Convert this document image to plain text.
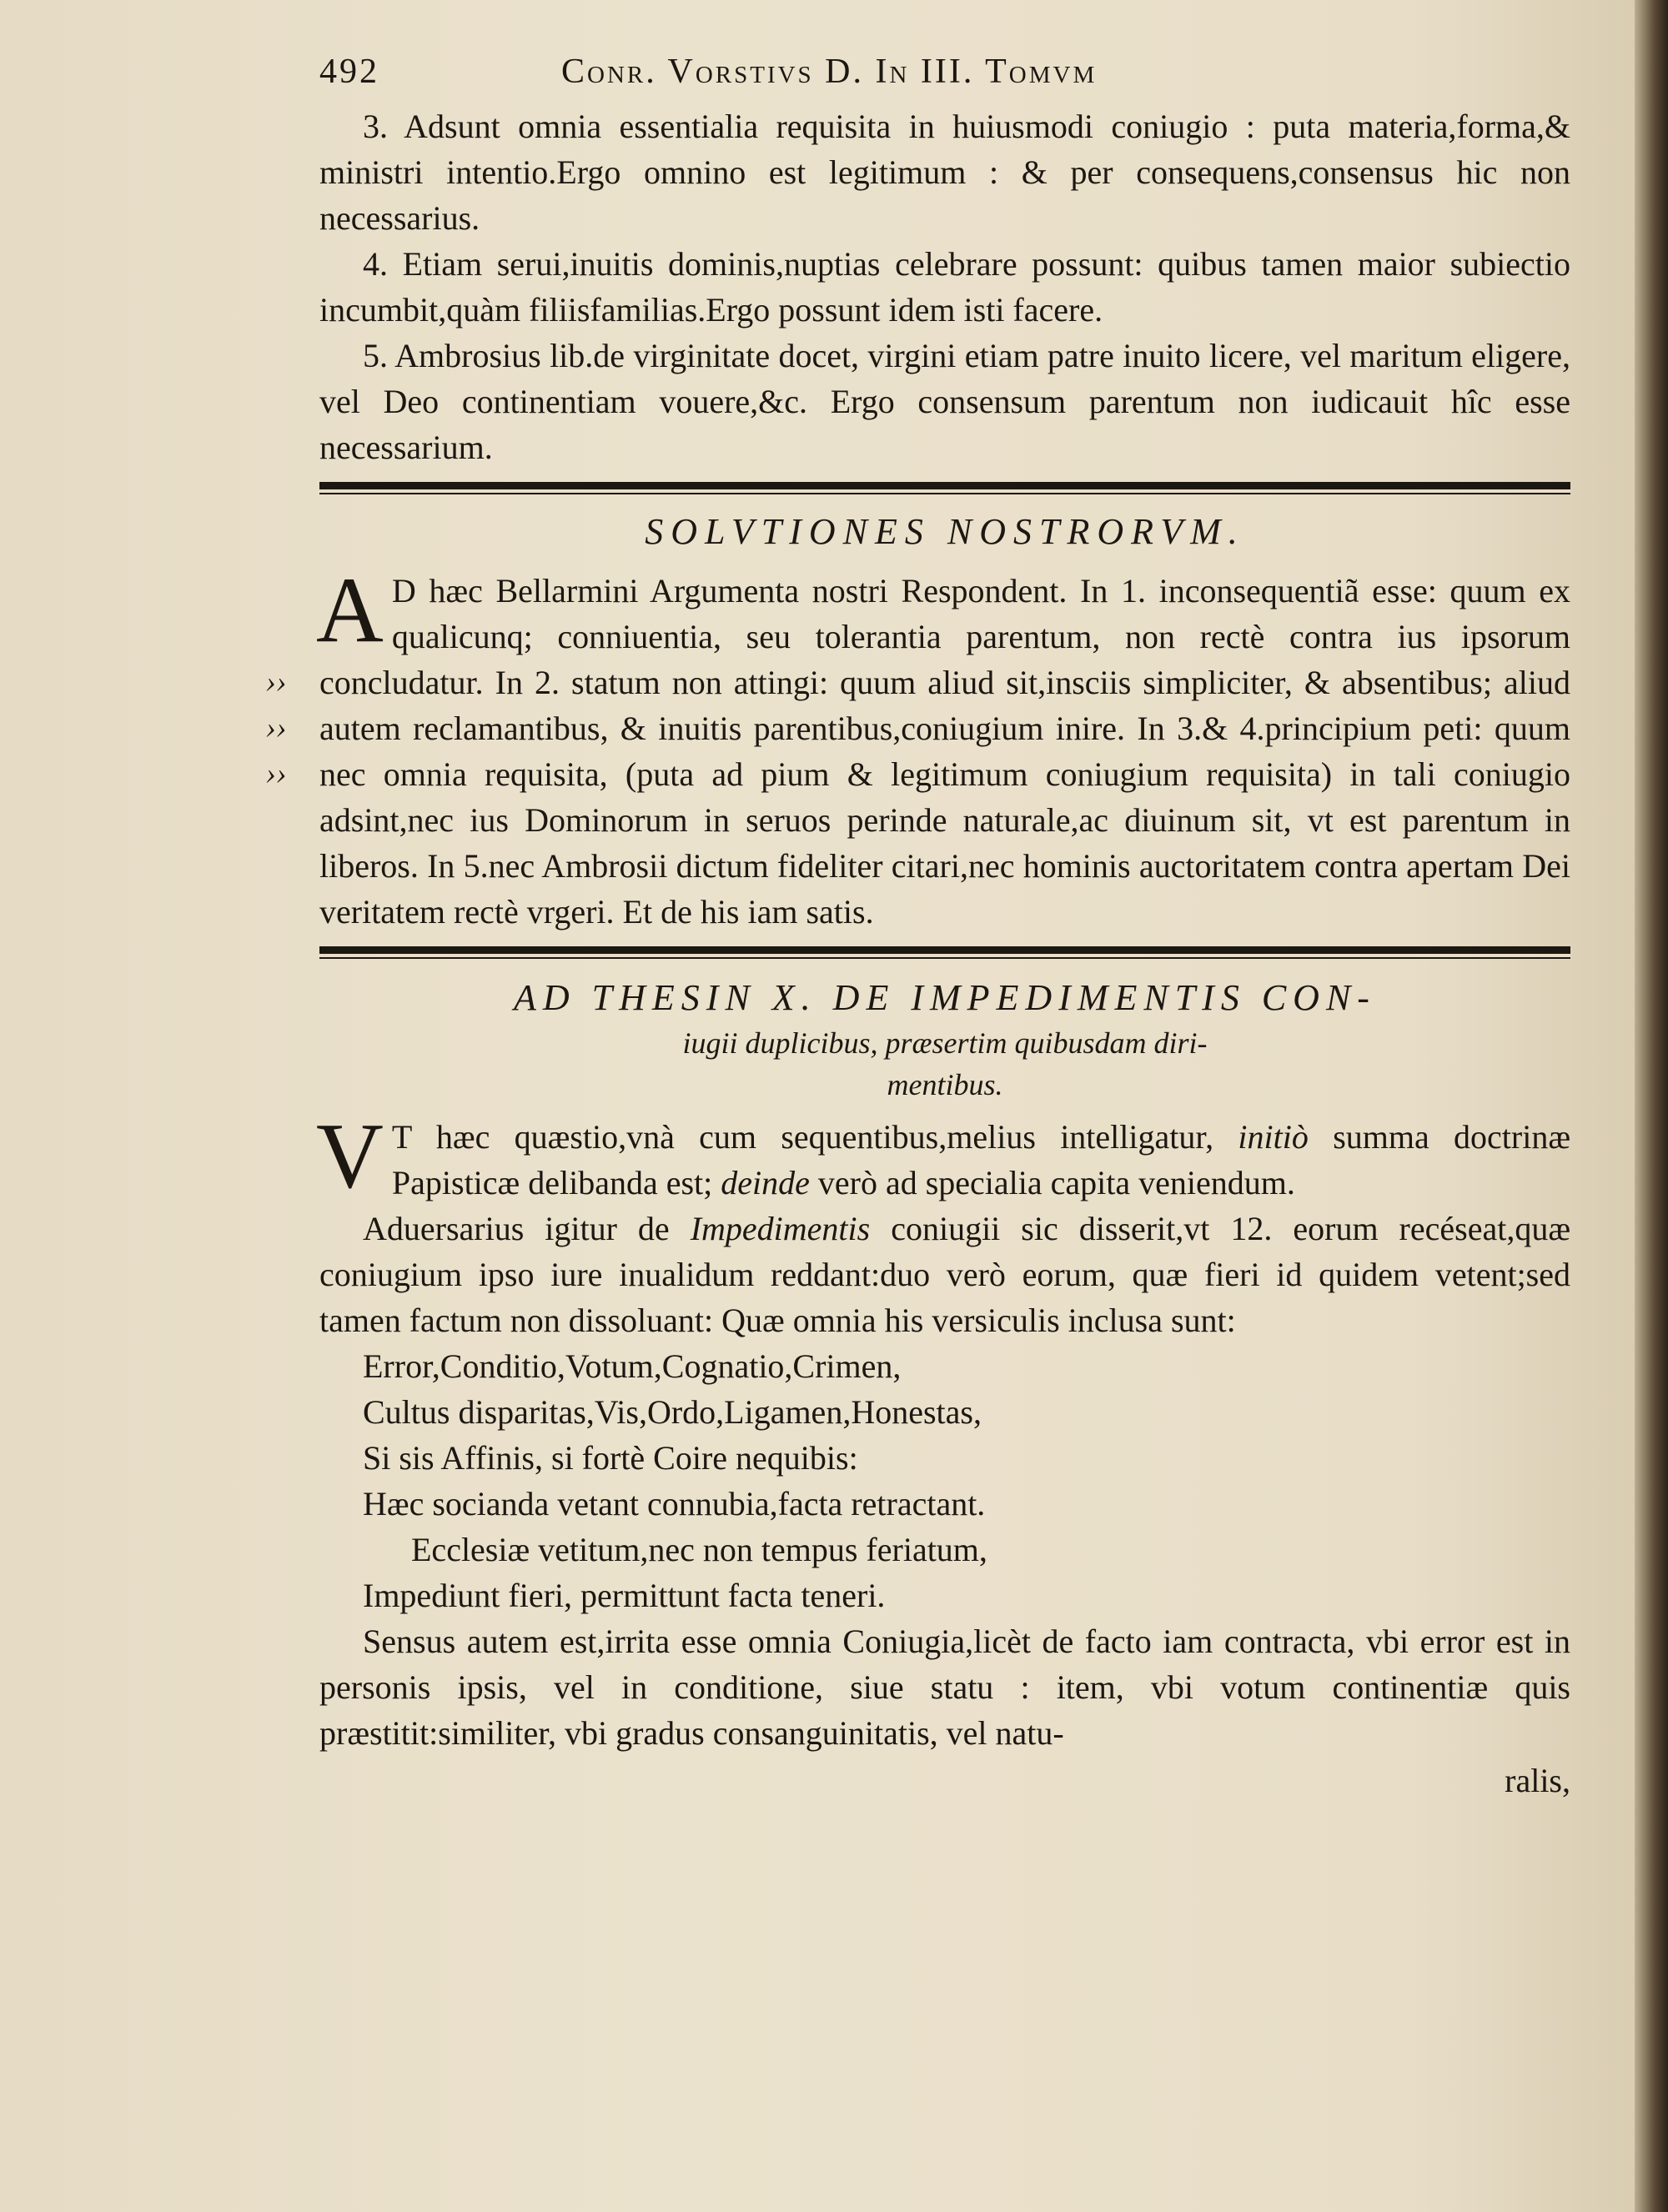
492	Conr. Vorstivs D. In III. Tomvm

3. Adsunt omnia essentialia requisita in huiusmodi coniugio : puta materia,forma,& ministri intentio.Ergo omnino est legitimum : & per consequens,consensus hic non necessarius.

4. Etiam serui,inuitis dominis,nuptias celebrare possunt: quibus tamen maior subiectio incumbit,quàm filiisfamilias.Ergo possunt idem isti facere.

5. Ambrosius lib.de virginitate docet, virgini etiam patre inuito licere, vel maritum eligere, vel Deo continentiam vouere,&c. Ergo consensum parentum non iudicauit hîc esse necessarium.

SOLVTIONES NOSTRORVM.
››
››
››

A D hæc Bellarmini Argumenta nostri Respondent. In 1. inconsequentiã esse: quum ex qualicunq; conniuentia, seu tolerantia parentum, non rectè contra ius ipsorum concludatur. In 2. statum non attingi: quum aliud sit,insciis simpliciter, & absentibus; aliud autem reclamantibus, & inuitis parentibus,coniugium inire. In 3.& 4.principium peti: quum nec omnia requisita, (puta ad pium & legitimum coniugium requisita) in tali coniugio adsint,nec ius Dominorum in seruos perinde naturale,ac diuinum sit, vt est parentum in liberos. In 5.nec Ambrosii dictum fideliter citari,nec hominis auctoritatem contra apertam Dei veritatem rectè vrgeri. Et de his iam satis.

AD THESIN X. DE IMPEDIMENTIS CON-
iugii duplicibus, præsertim quibusdam diri-
mentibus.

V T hæc quæstio,vnà cum sequentibus,melius intelligatur, initiò summa doctrinæ Papisticæ delibanda est; deinde verò ad specialia capita veniendum.

Aduersarius igitur de Impedimentis coniugii sic disserit,vt 12. eorum recéseat,quæ coniugium ipso iure inualidum reddant:duo verò eorum, quæ fieri id quidem vetent;sed tamen factum non dissoluant: Quæ omnia his versiculis inclusa sunt:

Error,Conditio,Votum,Cognatio,Crimen,

Cultus disparitas,Vis,Ordo,Ligamen,Honestas,

Si sis Affinis, si fortè Coire nequibis:

Hæc socianda vetant connubia,facta retractant.

Ecclesiæ vetitum,nec non tempus feriatum,

Impediunt fieri, permittunt facta teneri.

Sensus autem est,irrita esse omnia Coniugia,licèt de facto iam contracta, vbi error est in personis ipsis, vel in conditione, siue statu : item, vbi votum continentiæ quis præstitit:similiter, vbi gradus consanguinitatis, vel natu-

ralis,
